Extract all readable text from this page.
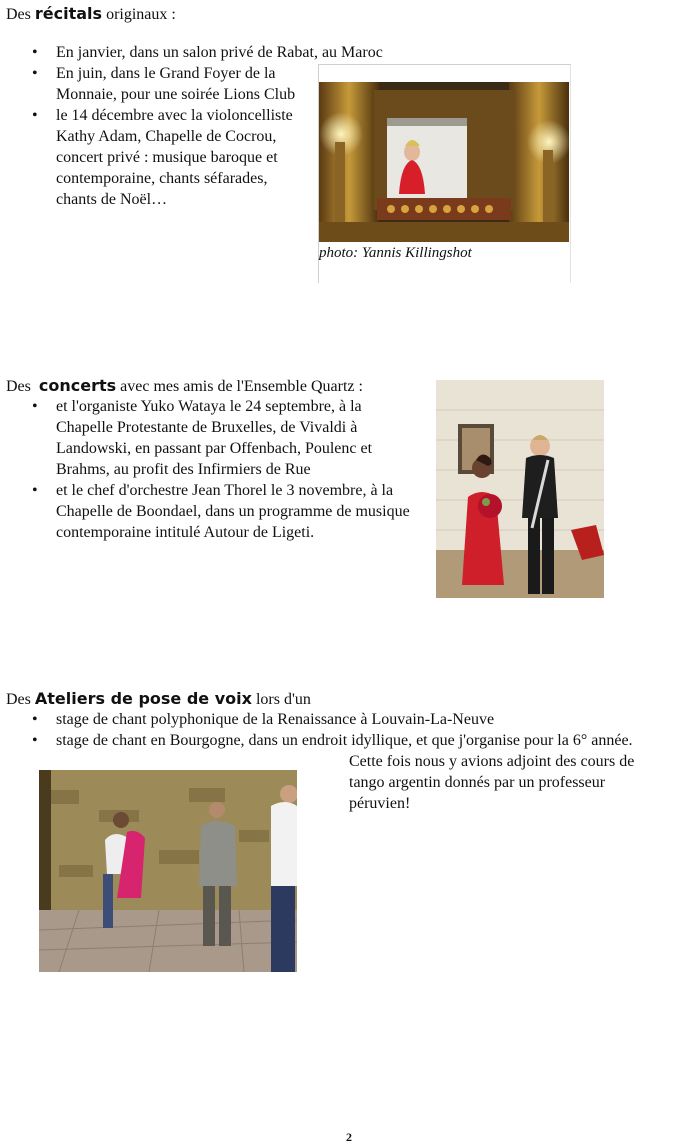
Des récitals originaux :
• En janvier, dans un salon privé de Rabat, au Maroc
• En juin, dans le Grand Foyer de la Monnaie, pour une soirée Lions Club
• le 14 décembre avec la violoncelliste Kathy Adam, Chapelle de Cocrou, concert privé : musique baroque et contemporaine, chants séfarades, chants de Noël…
photo: Yannis Killingshot
Des concerts avec mes amis de l'Ensemble Quartz :
• et l'organiste Yuko Wataya le 24 septembre, à la Chapelle Protestante de Bruxelles, de Vivaldi à Landowski, en passant par Offenbach, Poulenc et Brahms, au profit des Infirmiers de Rue
• et le chef d'orchestre Jean Thorel le 3 novembre, à la Chapelle de Boondael, dans un programme de musique contemporaine intitulé Autour de Ligeti.
Des Ateliers de pose de voix lors d'un
• stage de chant polyphonique de la Renaissance à Louvain-La-Neuve
• stage de chant en Bourgogne, dans un endroit idyllique, et que j'organise pour la 6° année.
Cette fois nous y avions adjoint des cours de tango argentin donnés par un professeur péruvien!
2
